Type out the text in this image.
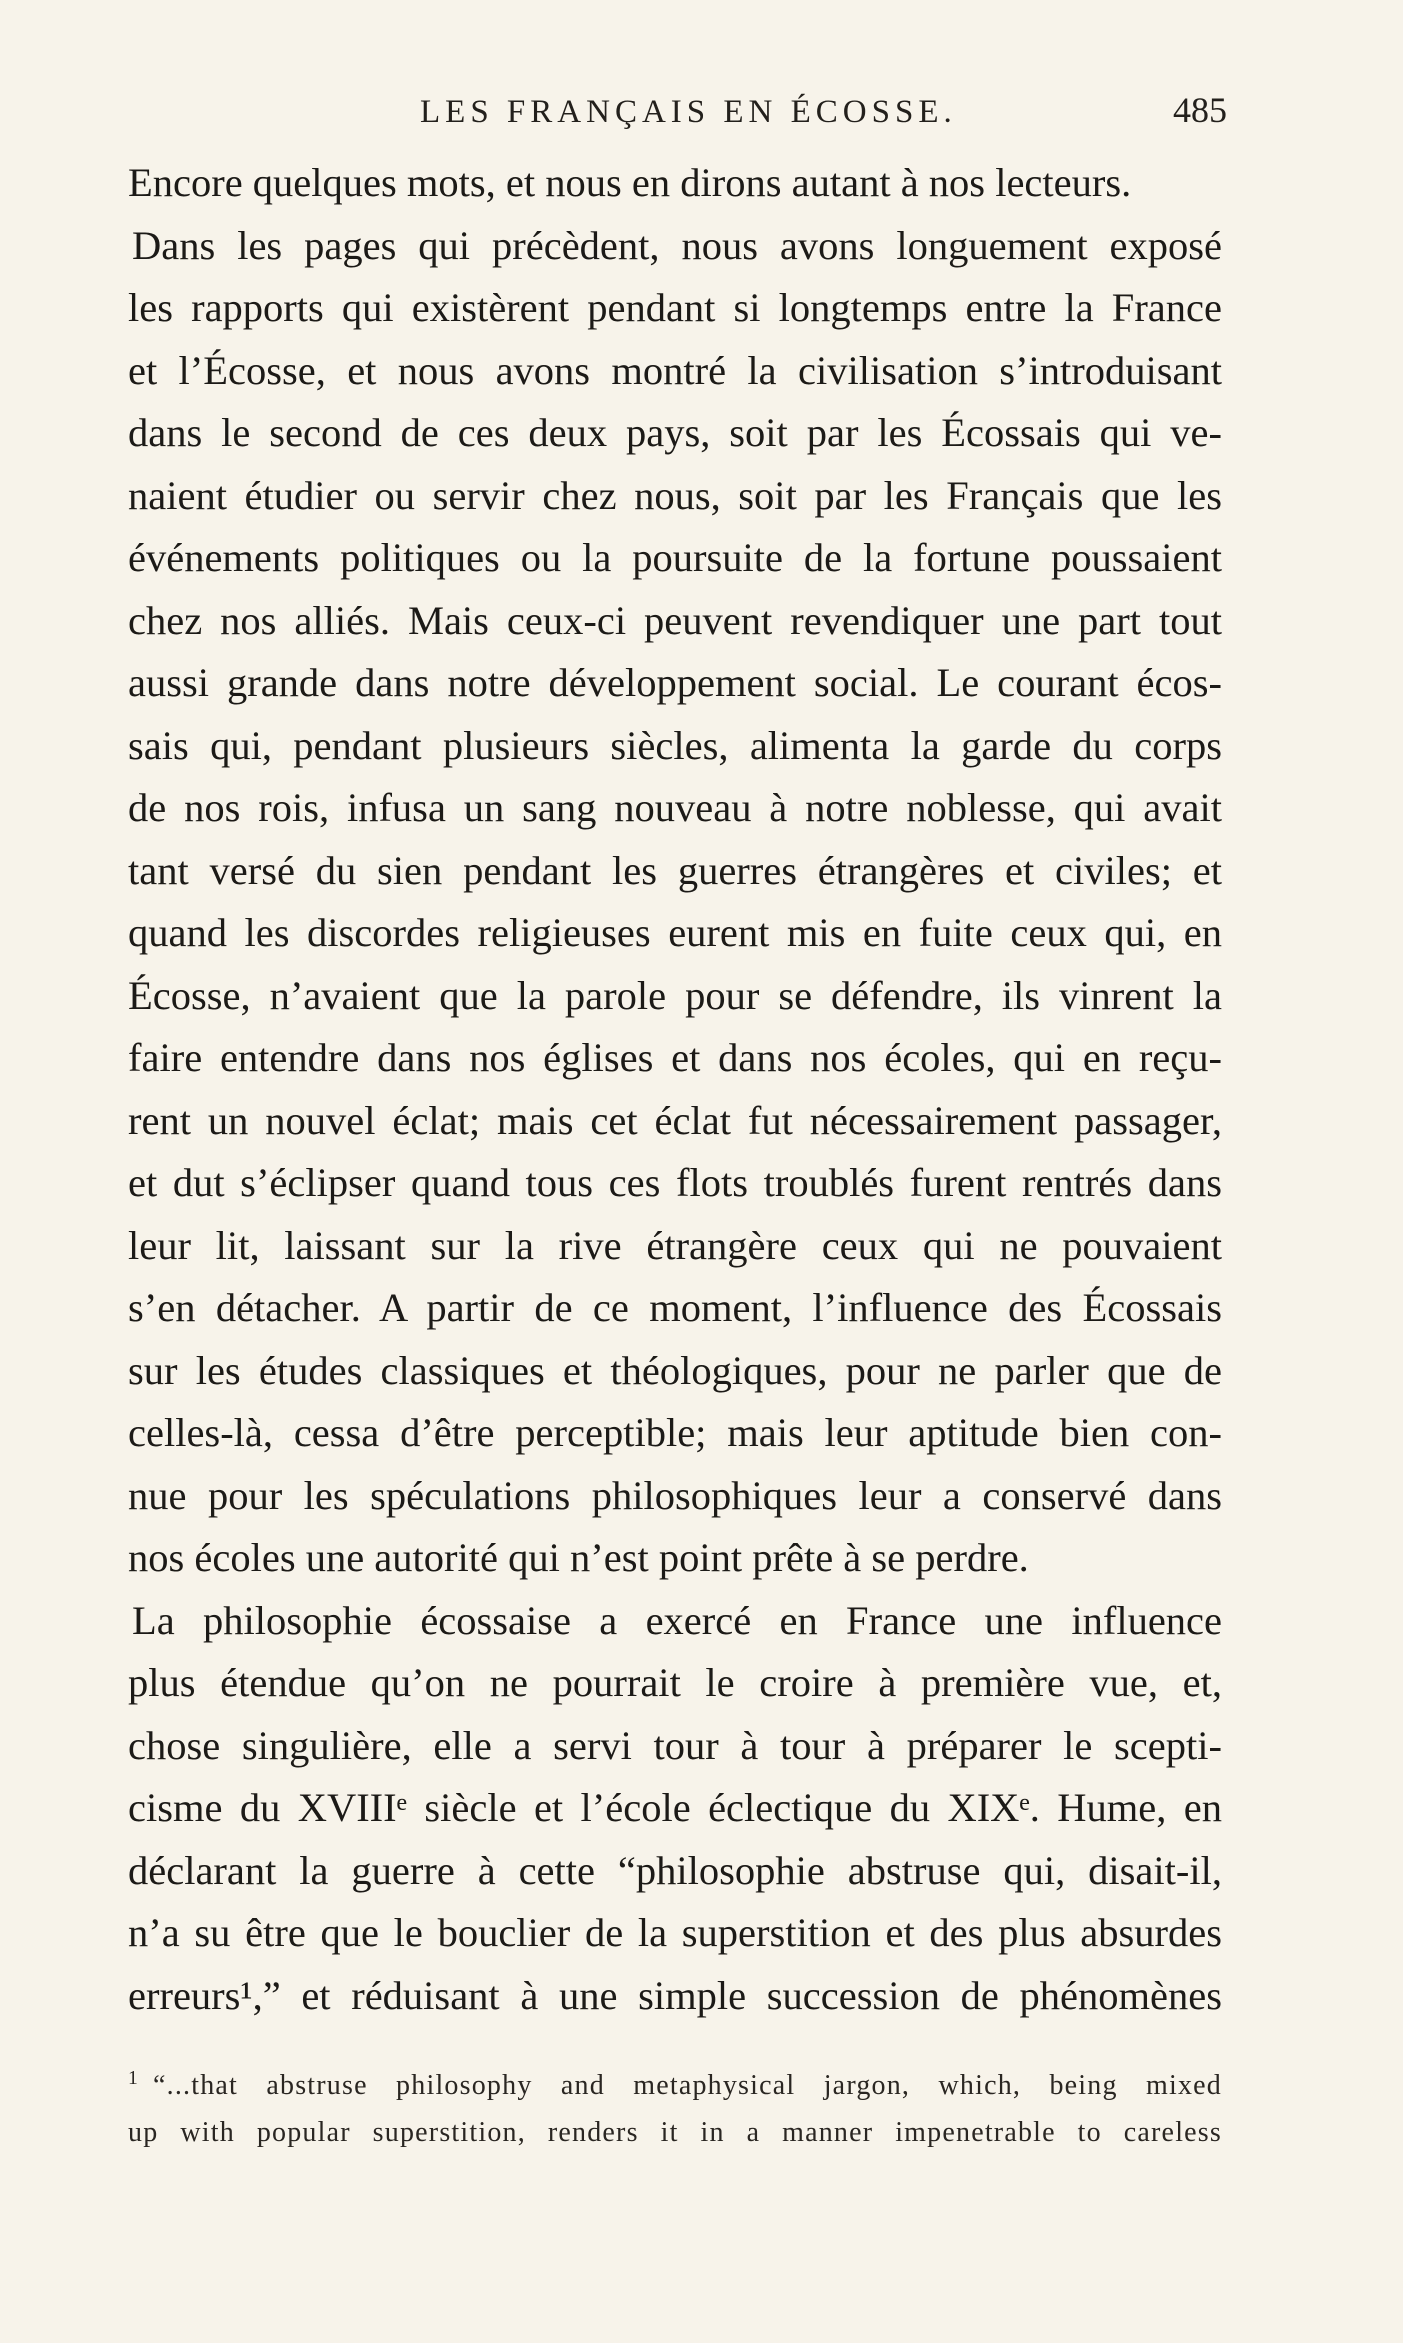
LES FRANÇAIS EN ÉCOSSE.	485
Encore quelques mots, et nous en dirons autant à nos lecteurs.
Dans les pages qui précèdent, nous avons longuement exposé
les rapports qui existèrent pendant si longtemps entre la France
et l’Écosse, et nous avons montré la civilisation s’introduisant
dans le second de ces deux pays, soit par les Écossais qui ve-
naient étudier ou servir chez nous, soit par les Français que les
événements politiques ou la poursuite de la fortune poussaient
chez nos alliés. Mais ceux-ci peuvent revendiquer une part tout
aussi grande dans notre développement social. Le courant écos-
sais qui, pendant plusieurs siècles, alimenta la garde du corps
de nos rois, infusa un sang nouveau à notre noblesse, qui avait
tant versé du sien pendant les guerres étrangères et civiles; et
quand les discordes religieuses eurent mis en fuite ceux qui, en
Écosse, n’avaient que la parole pour se défendre, ils vinrent la
faire entendre dans nos églises et dans nos écoles, qui en reçu-
rent un nouvel éclat; mais cet éclat fut nécessairement passager,
et dut s’éclipser quand tous ces flots troublés furent rentrés dans
leur lit, laissant sur la rive étrangère ceux qui ne pouvaient
s’en détacher. A partir de ce moment, l’influence des Écossais
sur les études classiques et théologiques, pour ne parler que de
celles-là, cessa d’être perceptible; mais leur aptitude bien con-
nue pour les spéculations philosophiques leur a conservé dans
nos écoles une autorité qui n’est point prête à se perdre.
La philosophie écossaise a exercé en France une influence
plus étendue qu’on ne pourrait le croire à première vue, et,
chose singulière, elle a servi tour à tour à préparer le scepti-
cisme du XVIIIᵉ siècle et l’école éclectique du XIXᵉ. Hume, en
déclarant la guerre à cette “philosophie abstruse qui, disait-il,
n’a su être que le bouclier de la superstition et des plus absurdes
erreurs¹,” et réduisant à une simple succession de phénomènes
$^1$ “...that abstruse philosophy and metaphysical jargon, which, being mixed
up with popular superstition, renders it in a manner impenetrable to careless
